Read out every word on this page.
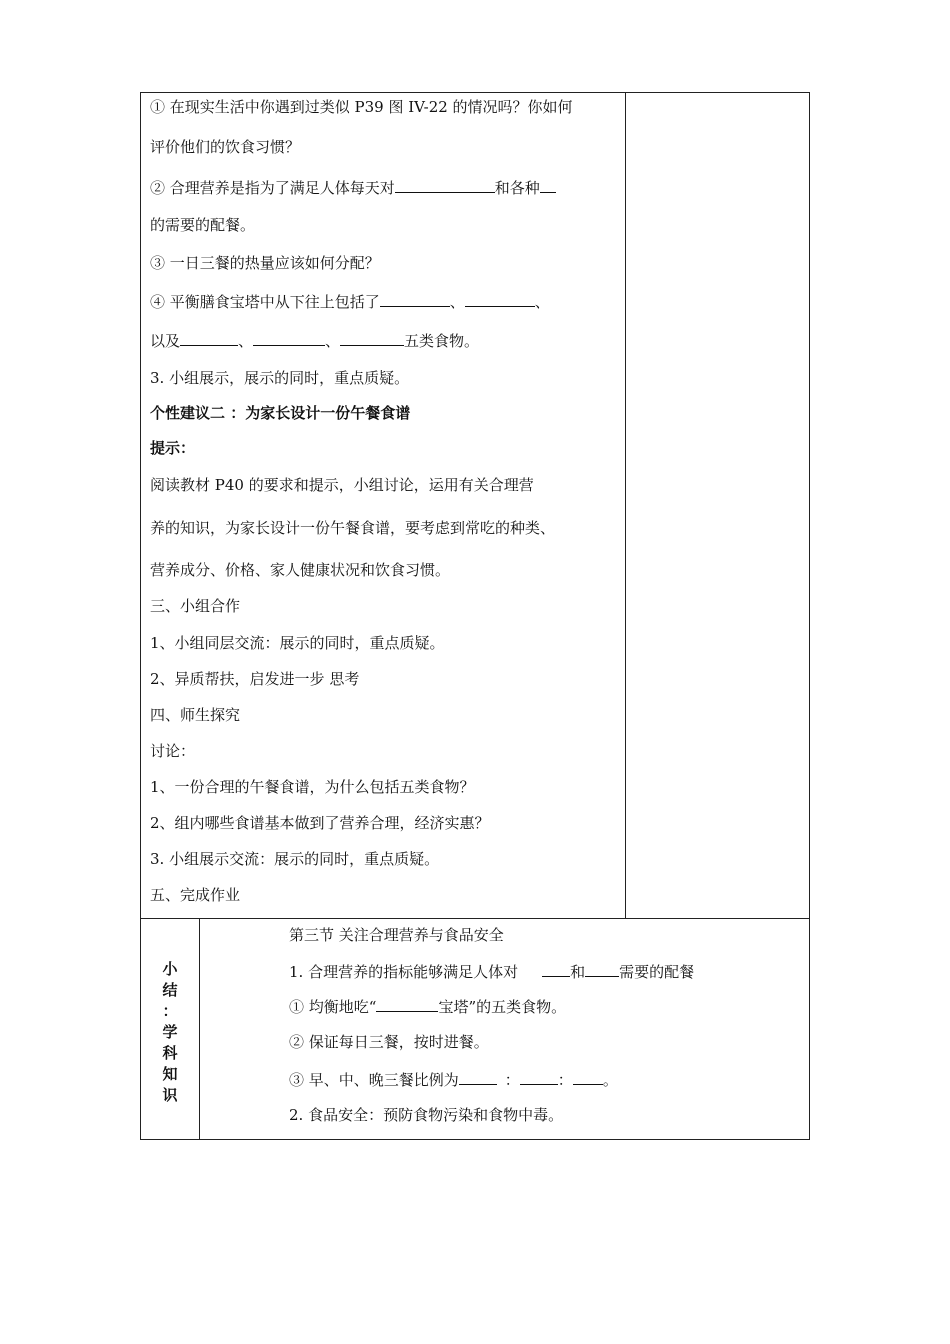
① 在现实生活中你遇到过类似 P39 图 IV-22 的情况吗？你如何
评价他们的饮食习惯？
② 合理营养是指为了满足人体每天对	和各种
的需要的配餐。
③ 一日三餐的热量应该如何分配？
④ 平衡膳食宝塔中从下往上包括了	、	、
以及	、	、	五类食物。
3. 小组展示，展示的同时，重点质疑。
个性建议二 ：为家长设计一份午餐食谱
提示：
阅读教材 P40 的要求和提示，小组讨论，运用有关合理营
养的知识，为家长设计一份午餐食谱，要考虑到常吃的种类、
营养成分、价格、家人健康状况和饮食习惯。
三、小组合作
1、小组同层交流：展示的同时，重点质疑。
2、异质帮扶，启发进一步 思考
四、师生探究
讨论：
1、一份合理的午餐食谱，为什么包括五类食物？
2、组内哪些食谱基本做到了营养合理，经济实惠？
3. 小组展示交流：展示的同时，重点质疑。
五、完成作业
小
结
：
学
科
知
识
第三节 关注合理营养与食品安全
1. 合理营养的指标能够满足人体对	和 需要的配餐
① 均衡地吃“	宝塔”的五类食物。
② 保证每日三餐，按时进餐。
③ 早、中、晚三餐比例为	：	： 。
2. 食品安全：预防食物污染和食物中毒。
